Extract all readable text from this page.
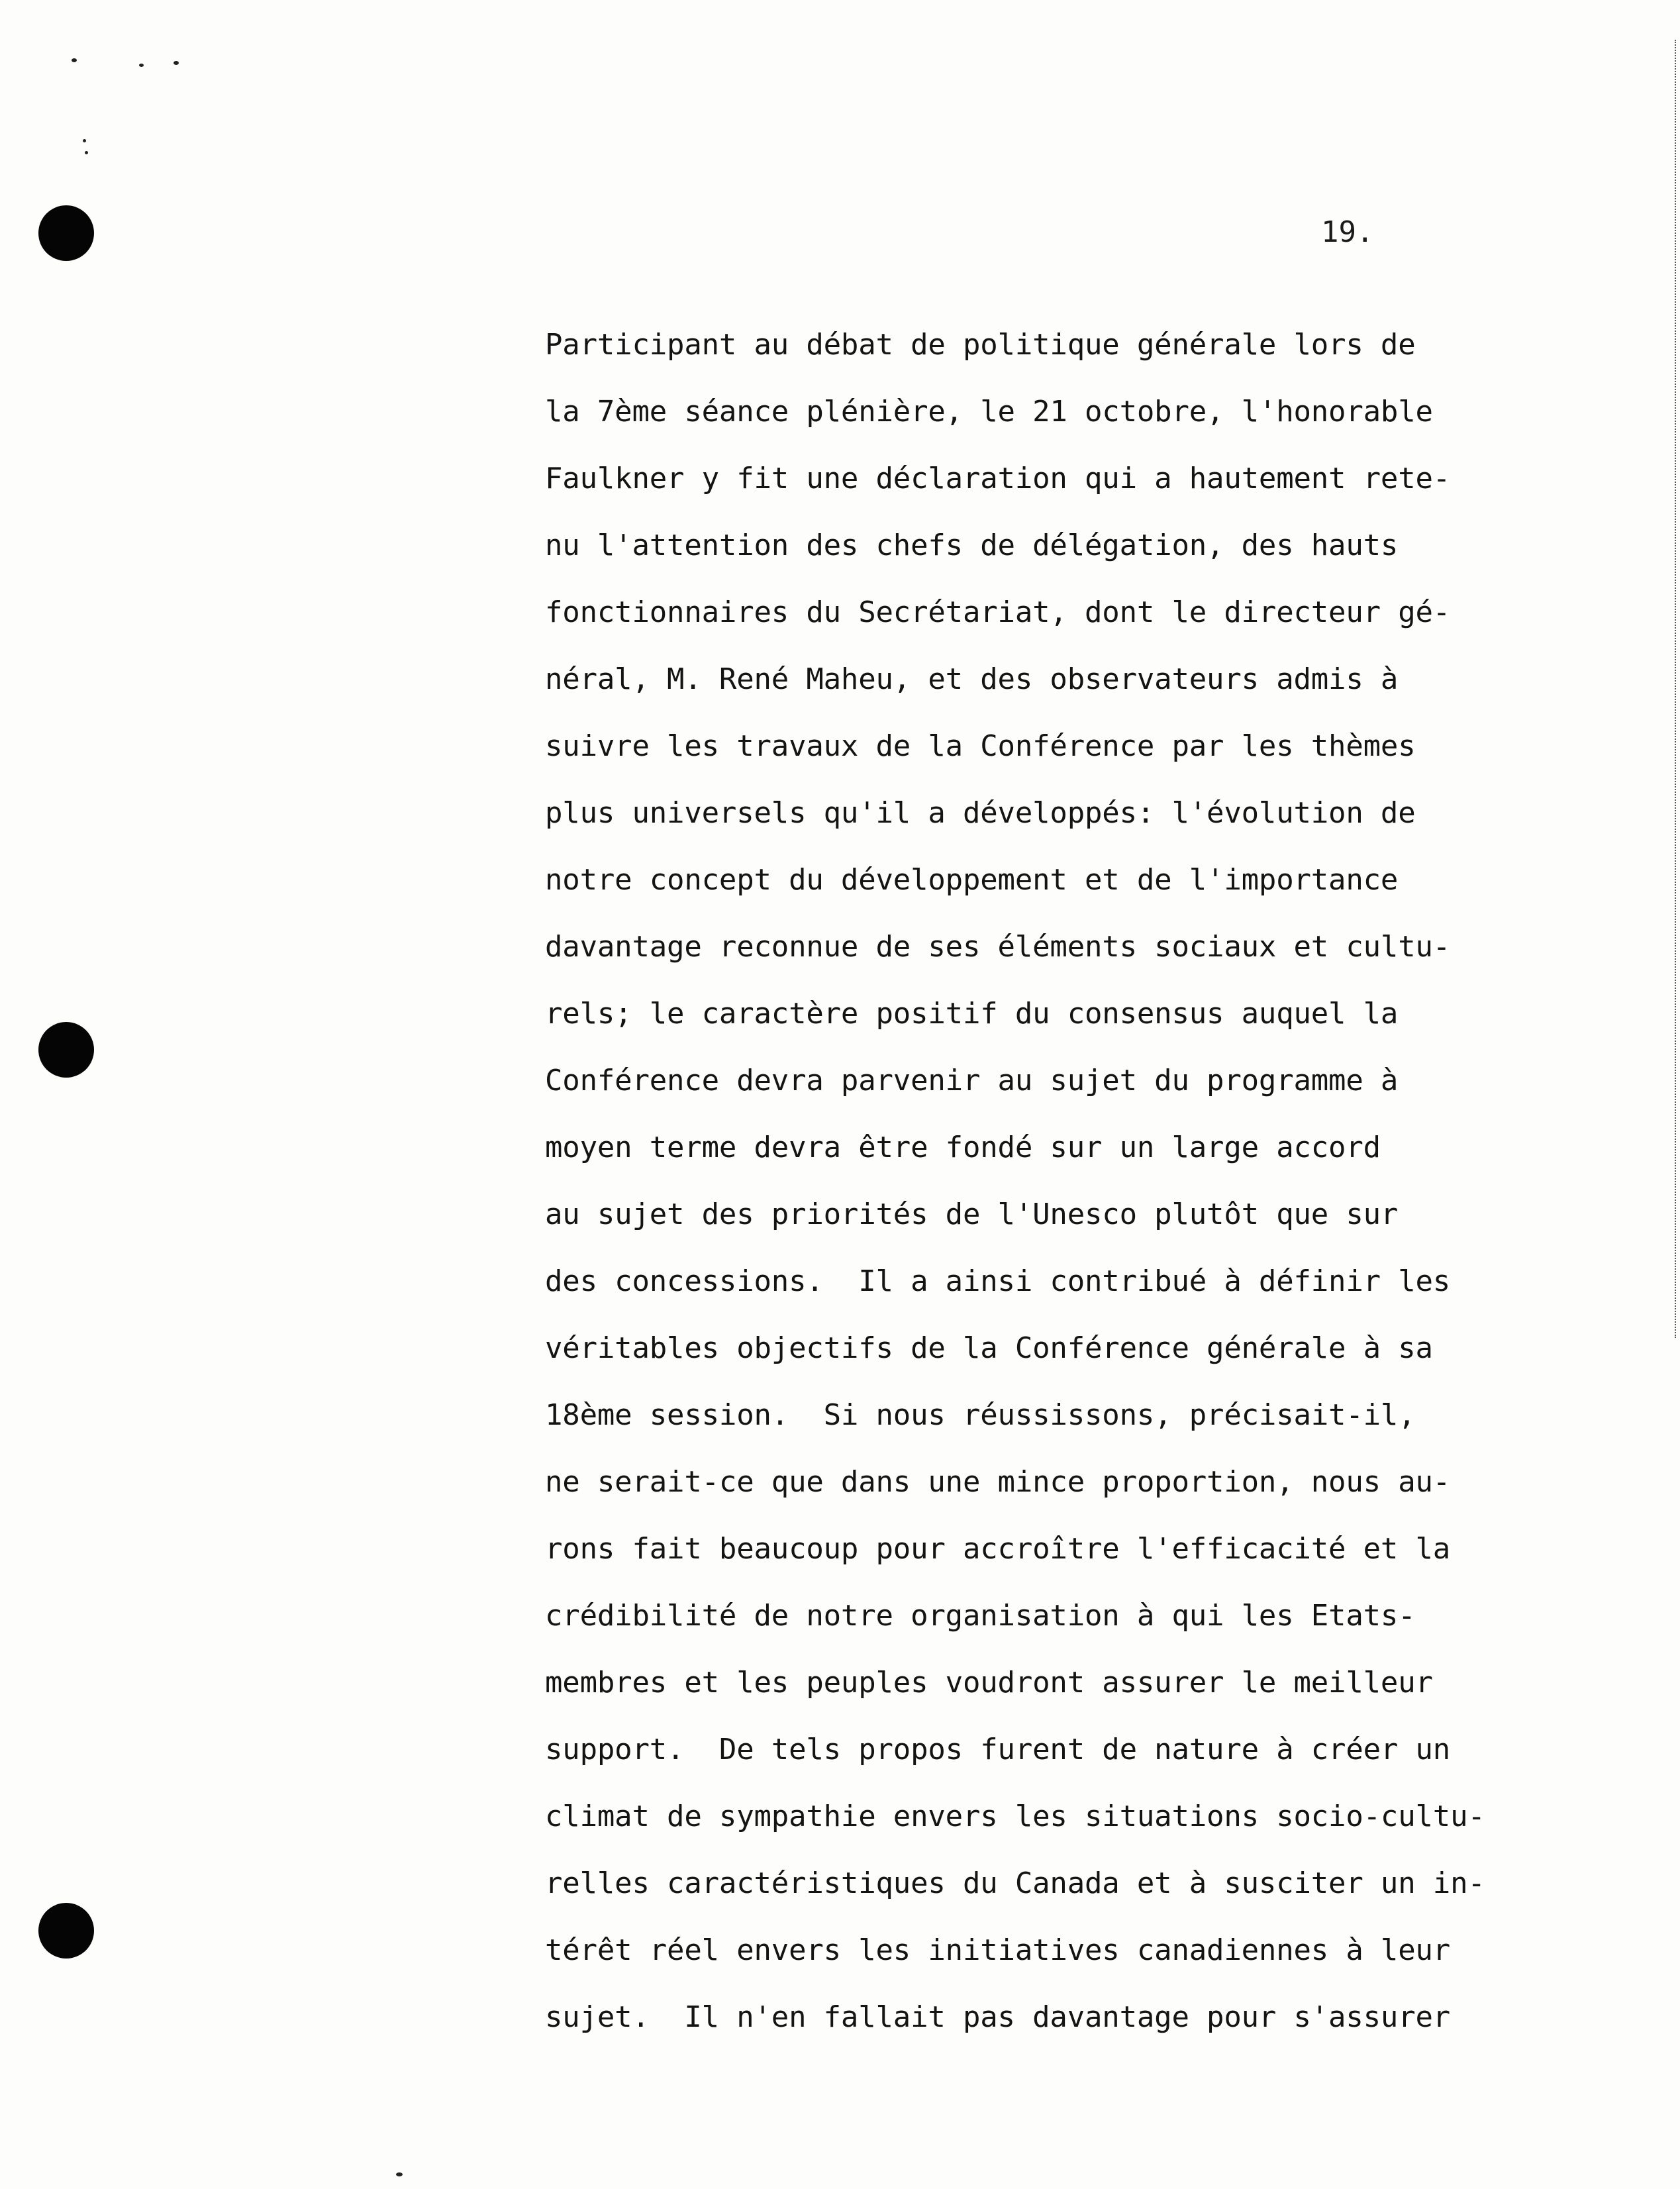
19.
Participant au débat de politique générale lors de
la 7ème séance plénière, le 21 octobre, l'honorable
Faulkner y fit une déclaration qui a hautement rete-
nu l'attention des chefs de délégation, des hauts
fonctionnaires du Secrétariat, dont le directeur gé-
néral, M. René Maheu, et des observateurs admis à
suivre les travaux de la Conférence par les thèmes
plus universels qu'il a développés: l'évolution de
notre concept du développement et de l'importance
davantage reconnue de ses éléments sociaux et cultu-
rels; le caractère positif du consensus auquel la
Conférence devra parvenir au sujet du programme à
moyen terme devra être fondé sur un large accord
au sujet des priorités de l'Unesco plutôt que sur
des concessions.  Il a ainsi contribué à définir les
véritables objectifs de la Conférence générale à sa
18ème session.  Si nous réussissons, précisait-il,
ne serait-ce que dans une mince proportion, nous au-
rons fait beaucoup pour accroître l'efficacité et la
crédibilité de notre organisation à qui les Etats-
membres et les peuples voudront assurer le meilleur
support.  De tels propos furent de nature à créer un
climat de sympathie envers les situations socio-cultu-
relles caractéristiques du Canada et à susciter un in-
térêt réel envers les initiatives canadiennes à leur
sujet.  Il n'en fallait pas davantage pour s'assurer
